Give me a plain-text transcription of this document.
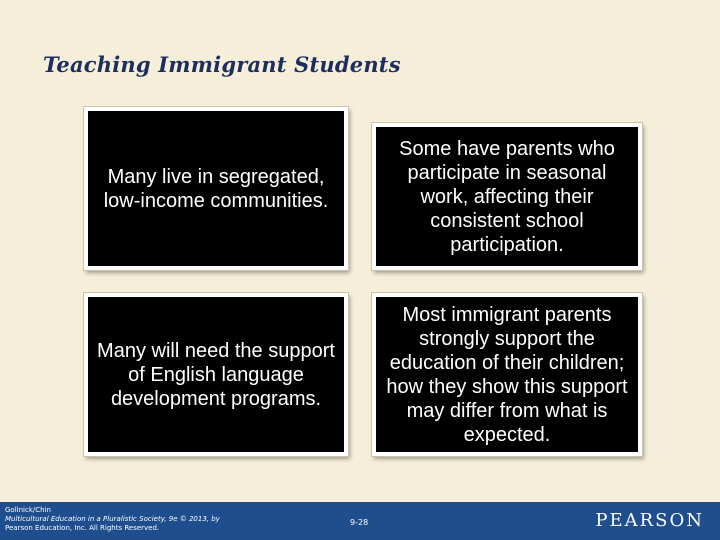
Teaching Immigrant Students
Many live in segregated, low-income communities.
Some have parents who participate in seasonal work, affecting their consistent school participation.
Many will need the support of English language development programs.
Most immigrant parents strongly support the education of their children; how they show this support may differ from what is expected.
Gollnick/Chin
Multicultural Education in a Pluralistic Society, 9e © 2013, by
Pearson Education, Inc. All Rights Reserved.
9-28	PEARSON
